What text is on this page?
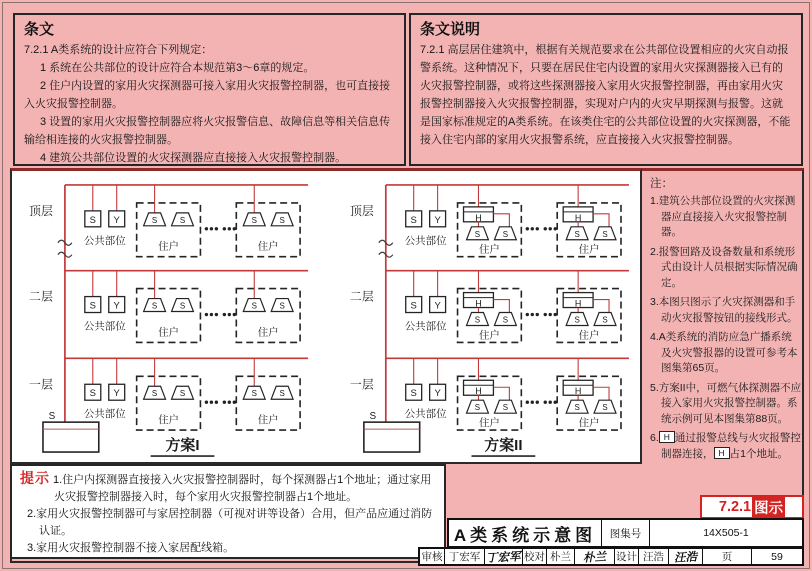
条文

7.2.1 A类系统的设计应符合下列规定：

1 系统在公共部位的设计应符合本规范第3～6章的规定。

2 住户内设置的家用火灾探测器可接入家用火灾报警控制器，也可直接接入火灾报警控制器。

3 设置的家用火灾报警控制器应将火灾报警信息、故障信息等相关信息传输给相连接的火灾报警控制器。

4 建筑公共部位设置的火灾探测器应直接接入火灾报警控制器。

条文说明

7.2.1 高层居住建筑中，根据有关规范要求在公共部位设置相应的火灾自动报警系统。这种情况下，只要在居民住宅内设置的家用火灾探测器接入已有的火灾报警控制器，或将这些探测器接入家用火灾报警控制器，再由家用火灾报警控制器接入火灾报警控制器，实现对户内的火灾早期探测与报警。这就是国家标准规定的A类系统。在该类住宅的公共部位设置的火灾探测器，不能接入住宅内部的家用火灾报警系统，应直接接入火灾报警控制器。

顶层
S Y
公共部位
S	S
住户
S	S
住户
二层
S Y
公共部位
S	S
住户
S	S
住户
一层
S Y
公共部位
S	S
住户
S	S
住户
S
方案I
顶层
S Y
公共部位
H
S	S
住户
H
S	S
住户
二层
S Y
公共部位
H
S	S
住户
H
S	S
住户
一层
S Y
公共部位
H
S	S
住户
H
S	S
住户
S
方案II
注：

1.建筑公共部位设置的火灾探测器应直接接入火灾报警控制器。

2.报警回路及设备数量和系统形式由设计人员根据实际情况确定。

3.本图只图示了火灾探测器和手动火灾报警按钮的接线形式。

4.A类系统的消防应急广播系统及火灾警报器的设置可参考本图集第65页。

5.方案II中，可燃气体探测器不应接入家用火灾报警控制器。系统示例可见本图集第88页。

6. H 通过报警总线与火灾报警控制器连接， H 占1个地址。

7.2.1 图示

提示 1.住户内探测器直接接入火灾报警控制器时，每个探测器占1个地址；通过家用火灾报警控制器接入时，每个家用火灾报警控制器占1个地址。

2.家用火灾报警控制器可与家居控制器（可视对讲等设备）合用，但产品应通过消防认证。

3.家用火灾报警控制器不接入家居配线箱。

A类系统示意图	图集号	14X505-1
审核 丁宏军 丁宏军 校对 朴兰 朴兰 设计 汪浩 汪浩	页	59
